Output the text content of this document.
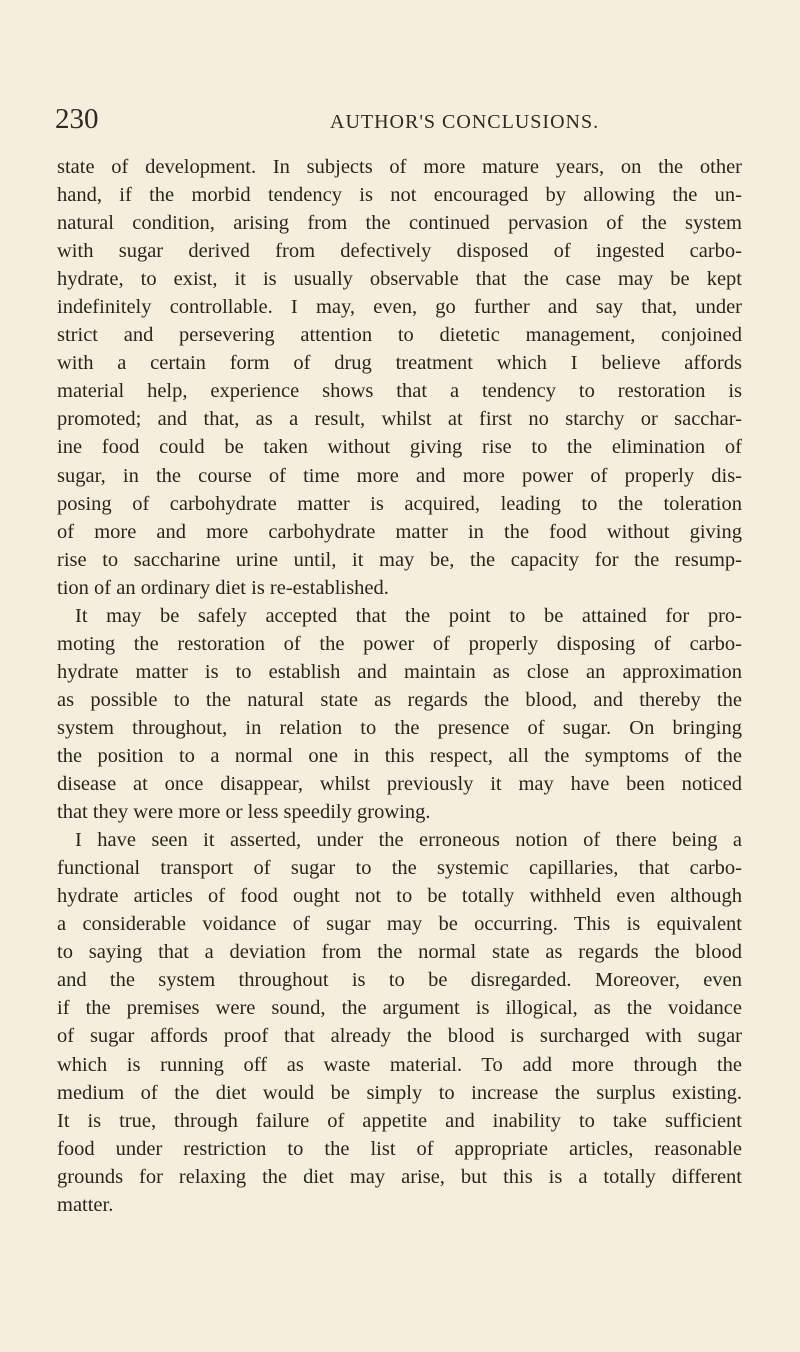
230	AUTHOR'S CONCLUSIONS.
state of development. In subjects of more mature years, on the other
hand, if the morbid tendency is not encouraged by allowing the un-
natural condition, arising from the continued pervasion of the system
with sugar derived from defectively disposed of ingested carbo-
hydrate, to exist, it is usually observable that the case may be kept
indefinitely controllable. I may, even, go further and say that, under
strict and persevering attention to dietetic management, conjoined
with a certain form of drug treatment which I believe affords
material help, experience shows that a tendency to restoration is
promoted; and that, as a result, whilst at first no starchy or sacchar-
ine food could be taken without giving rise to the elimination of
sugar, in the course of time more and more power of properly dis-
posing of carbohydrate matter is acquired, leading to the toleration
of more and more carbohydrate matter in the food without giving
rise to saccharine urine until, it may be, the capacity for the resump-
tion of an ordinary diet is re-established.
It may be safely accepted that the point to be attained for pro-
moting the restoration of the power of properly disposing of carbo-
hydrate matter is to establish and maintain as close an approximation
as possible to the natural state as regards the blood, and thereby the
system throughout, in relation to the presence of sugar. On bringing
the position to a normal one in this respect, all the symptoms of the
disease at once disappear, whilst previously it may have been noticed
that they were more or less speedily growing.
I have seen it asserted, under the erroneous notion of there being a
functional transport of sugar to the systemic capillaries, that carbo-
hydrate articles of food ought not to be totally withheld even although
a considerable voidance of sugar may be occurring. This is equivalent
to saying that a deviation from the normal state as regards the blood
and the system throughout is to be disregarded. Moreover, even
if the premises were sound, the argument is illogical, as the voidance
of sugar affords proof that already the blood is surcharged with sugar
which is running off as waste material. To add more through the
medium of the diet would be simply to increase the surplus existing.
It is true, through failure of appetite and inability to take sufficient
food under restriction to the list of appropriate articles, reasonable
grounds for relaxing the diet may arise, but this is a totally different
matter.
